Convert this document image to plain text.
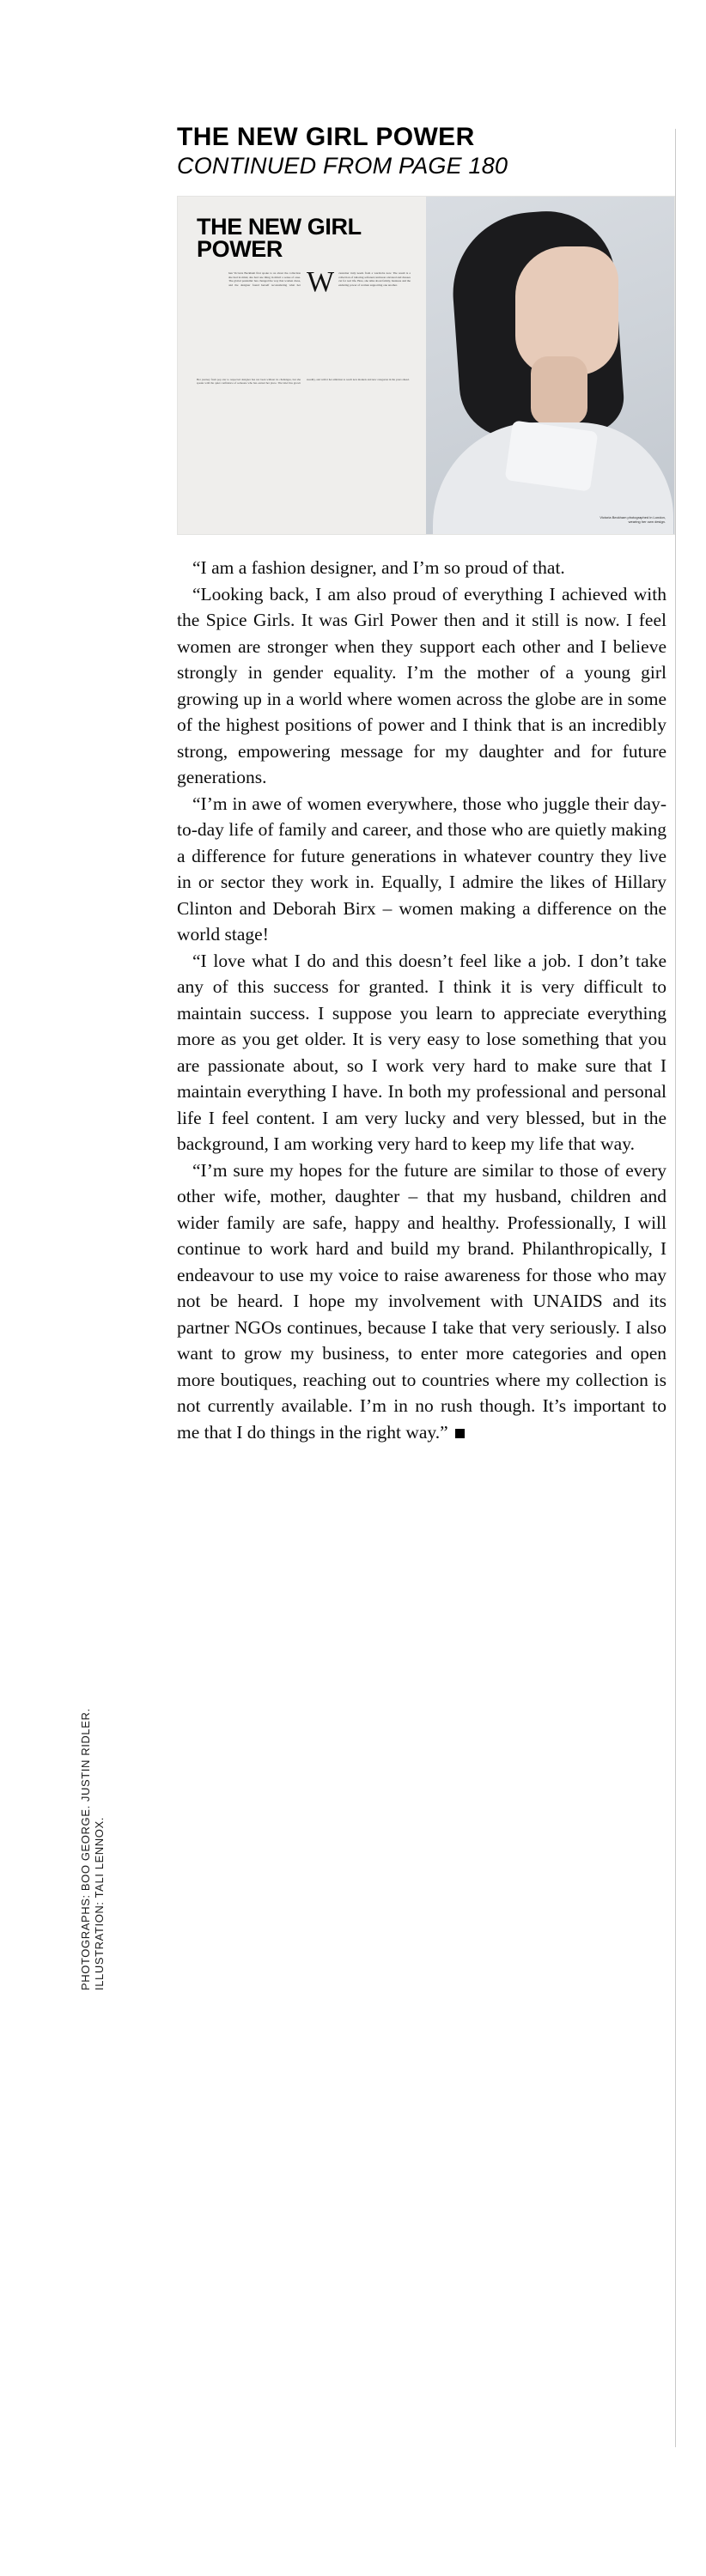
THE NEW GIRL POWER
CONTINUED FROM PAGE 180
THE NEW GIRL POWER
W
hen Victoria Beckham first spoke to us about the collection she had in mind, she had one thing in mind: a sense of ease. The global pandemic has changed the way that women dress, and the designer found herself reconsidering what her customer truly needs from a wardrobe now. The result is a collection of tailoring softened, knitwear elevated and dresses cut for real life. Here, she talks about family, business and the enduring power of women supporting one another.
Her journey from pop star to respected designer has not been without its challenges, but she speaks with the quiet confidence of someone who has earned her place. The label has grown steadily, and with it her ambition to reach new markets and new categories in the years ahead.
Victoria Beckham photographed in London, wearing her own design.

“I am a fashion designer, and I’m so proud of that.

“Looking back, I am also proud of everything I achieved with the Spice Girls. It was Girl Power then and it still is now. I feel women are stronger when they support each other and I believe strongly in gender equality. I’m the mother of a young girl growing up in a world where women across the globe are in some of the highest positions of power and I think that is an incredibly strong, empowering message for my daughter and for future generations.

“I’m in awe of women everywhere, those who juggle their day-to-day life of family and career, and those who are quietly making a difference for future generations in whatever country they live in or sector they work in. Equally, I admire the likes of Hillary Clinton and Deborah Birx – women making a difference on the world stage!

“I love what I do and this doesn’t feel like a job. I don’t take any of this success for granted. I think it is very difficult to maintain success. I suppose you learn to appreciate everything more as you get older. It is very easy to lose something that you are passionate about, so I work very hard to make sure that I maintain everything I have. In both my professional and personal life I feel content. I am very lucky and very blessed, but in the background, I am working very hard to keep my life that way.

“I’m sure my hopes for the future are similar to those of every other wife, mother, daughter – that my husband, children and wider family are safe, happy and healthy. Professionally, I will continue to work hard and build my brand. Philanthropically, I endeavour to use my voice to raise awareness for those who may not be heard. I hope my involvement with UNAIDS and its partner NGOs continues, because I take that very seriously. I also want to grow my business, to enter more categories and open more boutiques, reaching out to countries where my collection is not currently available. I’m in no rush though. It’s important to me that I do things in the right way.”

PHOTOGRAPHS: BOO GEORGE. JUSTIN RIDLER. ILLUSTRATION: TALI LENNOX.
